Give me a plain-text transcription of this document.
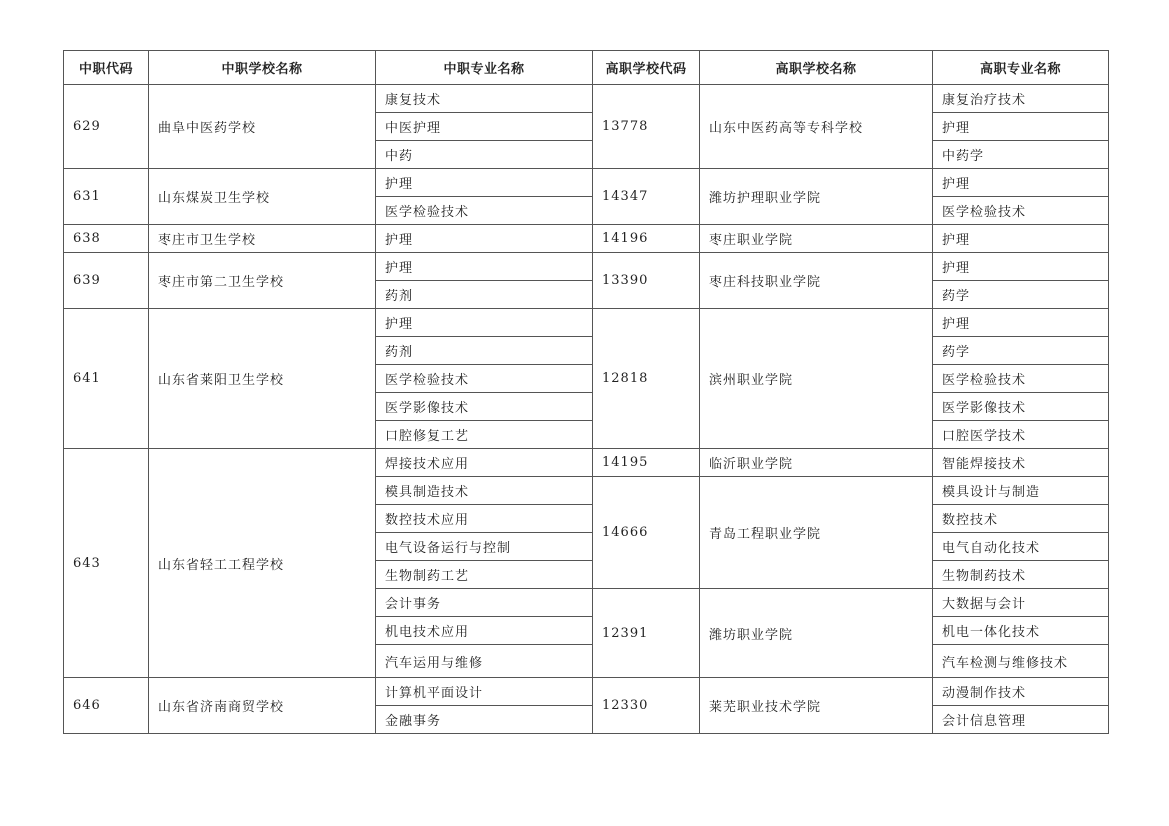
中职代码	中职学校名称	中职专业名称	高职学校代码	高职学校名称	高职专业名称
629	曲阜中医药学校	康复技术	13778	山东中医药高等专科学校	康复治疗技术
		中医护理			护理
		中药			中药学
631	山东煤炭卫生学校	护理	14347	潍坊护理职业学院	护理
		医学检验技术			医学检验技术
638	枣庄市卫生学校	护理	14196	枣庄职业学院	护理
639	枣庄市第二卫生学校	护理	13390	枣庄科技职业学院	护理
		药剂			药学
641	山东省莱阳卫生学校	护理	12818	滨州职业学院	护理
		药剂			药学
		医学检验技术			医学检验技术
		医学影像技术			医学影像技术
		口腔修复工艺			口腔医学技术
643	山东省轻工工程学校	焊接技术应用	14195	临沂职业学院	智能焊接技术
		模具制造技术	14666	青岛工程职业学院	模具设计与制造
		数控技术应用			数控技术
		电气设备运行与控制			电气自动化技术
		生物制药工艺			生物制药技术
		会计事务	12391	潍坊职业学院	大数据与会计
		机电技术应用			机电一体化技术
		汽车运用与维修			汽车检测与维修技术
646	山东省济南商贸学校	计算机平面设计	12330	莱芜职业技术学院	动漫制作技术
		金融事务			会计信息管理
